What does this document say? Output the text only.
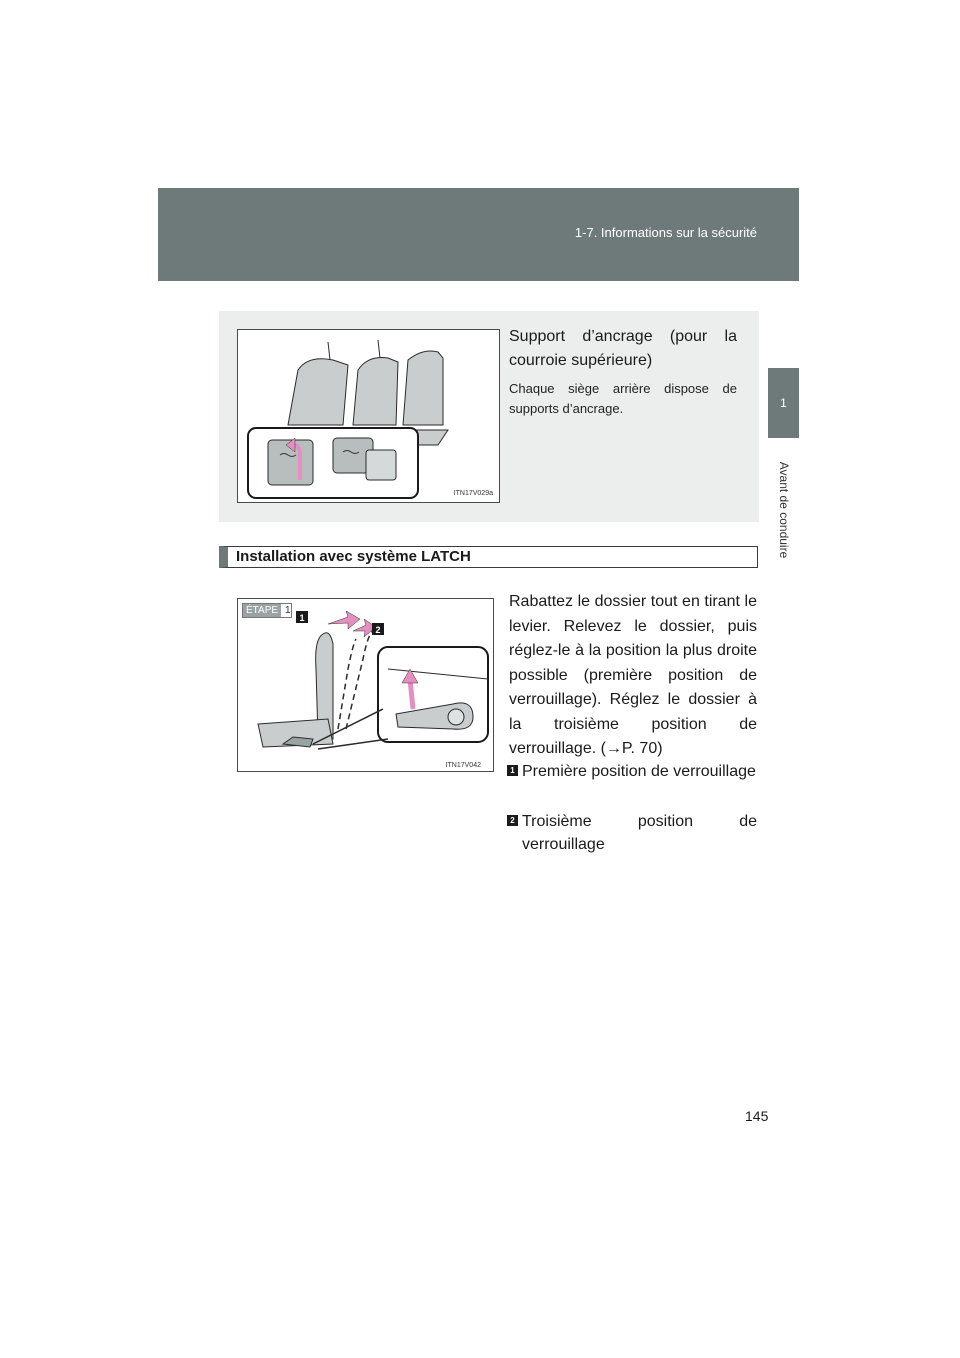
1-7. Informations sur la sécurité
1
Avant de conduire
ITN17V029a
Support d’ancrage (pour la courroie supérieure)
Chaque siège arrière dispose de supports d’ancrage.
Installation avec système LATCH
ÉTAPE 1
1
2
ITN17V042
Rabattez le dossier tout en tirant le levier. Relevez le dossier, puis réglez-le à la position la plus droite possible (première position de verrouillage). Réglez le dossier à la troisième position de verrouillage. (→P. 70)
1 Première position de verrouillage
2 Troisième position de verrouillage
145
